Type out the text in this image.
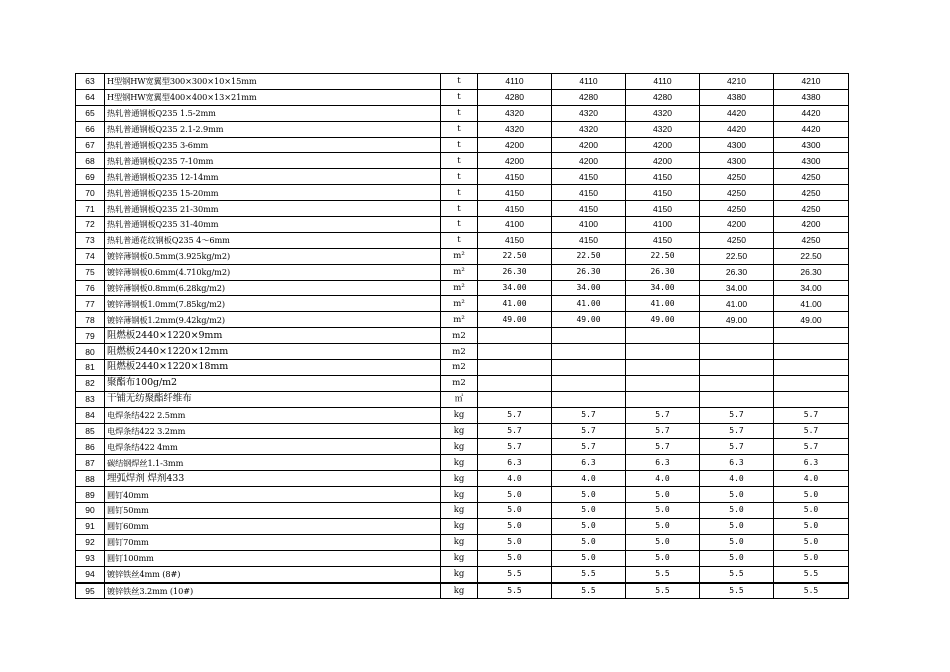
63	H型钢HW宽翼型300×300×10×15mm	t	4110	4110	4110	4210	4210
64	H型钢HW宽翼型400×400×13×21mm	t	4280	4280	4280	4380	4380
65	热轧普通钢板Q235 1.5-2mm	t	4320	4320	4320	4420	4420
66	热轧普通钢板Q235 2.1-2.9mm	t	4320	4320	4320	4420	4420
67	热轧普通钢板Q235 3-6mm	t	4200	4200	4200	4300	4300
68	热轧普通钢板Q235 7-10mm	t	4200	4200	4200	4300	4300
69	热轧普通钢板Q235 12-14mm	t	4150	4150	4150	4250	4250
70	热轧普通钢板Q235 15-20mm	t	4150	4150	4150	4250	4250
71	热轧普通钢板Q235 21-30mm	t	4150	4150	4150	4250	4250
72	热轧普通钢板Q235 31-40mm	t	4100	4100	4100	4200	4200
73	热轧普通花纹钢板Q235 4～6mm	t	4150	4150	4150	4250	4250
74	镀锌薄钢板0.5mm(3.925kg/m2)	m²	22.50	22.50	22.50	22.50	22.50
75	镀锌薄钢板0.6mm(4.710kg/m2)	m²	26.30	26.30	26.30	26.30	26.30
76	镀锌薄钢板0.8mm(6.28kg/m2)	m²	34.00	34.00	34.00	34.00	34.00
77	镀锌薄钢板1.0mm(7.85kg/m2)	m²	41.00	41.00	41.00	41.00	41.00
78	镀锌薄钢板1.2mm(9.42kg/m2)	m²	49.00	49.00	49.00	49.00	49.00
79	阻燃板2440×1220×9mm	m2					
80	阻燃板2440×1220×12mm	m2					
81	阻燃板2440×1220×18mm	m2					
82	聚酯布100g/m2	m2					
83	干铺无纺聚酯纤维布	㎡					
84	电焊条结422 2.5mm	kg	5.7	5.7	5.7	5.7	5.7
85	电焊条结422 3.2mm	kg	5.7	5.7	5.7	5.7	5.7
86	电焊条结422 4mm	kg	5.7	5.7	5.7	5.7	5.7
87	碳结钢焊丝1.1-3mm	kg	6.3	6.3	6.3	6.3	6.3
88	埋弧焊剂 焊剂433	kg	4.0	4.0	4.0	4.0	4.0
89	圆钉40mm	kg	5.0	5.0	5.0	5.0	5.0
90	圆钉50mm	kg	5.0	5.0	5.0	5.0	5.0
91	圆钉60mm	kg	5.0	5.0	5.0	5.0	5.0
92	圆钉70mm	kg	5.0	5.0	5.0	5.0	5.0
93	圆钉100mm	kg	5.0	5.0	5.0	5.0	5.0
94	镀锌铁丝4mm (8#)	kg	5.5	5.5	5.5	5.5	5.5
95	镀锌铁丝3.2mm (10#)	kg	5.5	5.5	5.5	5.5	5.5
